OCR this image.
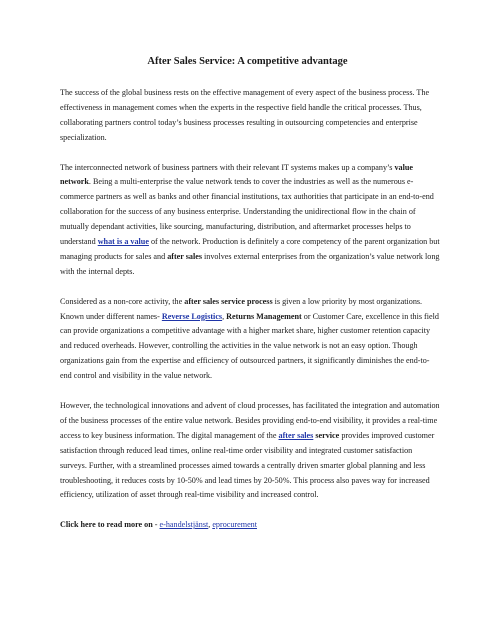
After Sales Service: A competitive advantage

The success of the global business rests on the effective management of every aspect of the business process. The effectiveness in management comes when the experts in the respective field handle the critical processes. Thus, collaborating partners control today’s business processes resulting in outsourcing competencies and enterprise specialization.

The interconnected network of business partners with their relevant IT systems makes up a company’s value network. Being a multi-enterprise the value network tends to cover the industries as well as the numerous e-commerce partners as well as banks and other financial institutions, tax authorities that participate in an end-to-end collaboration for the success of any business enterprise. Understanding the unidirectional flow in the chain of mutually dependant activities, like sourcing, manufacturing, distribution, and aftermarket processes helps to understand what is a value of the network. Production is definitely a core competency of the parent organization but managing products for sales and after sales involves external enterprises from the organization’s value network long with the internal depts.

Considered as a non-core activity, the after sales service process is given a low priority by most organizations. Known under different names- Reverse Logistics, Returns Management or Customer Care, excellence in this field can provide organizations a competitive advantage with a higher market share, higher customer retention capacity and reduced overheads. However, controlling the activities in the value network is not an easy option. Though organizations gain from the expertise and efficiency of outsourced partners, it significantly diminishes the end-to-end control and visibility in the value network.

However, the technological innovations and advent of cloud processes, has facilitated the integration and automation of the business processes of the entire value network. Besides providing end-to-end visibility, it provides a real-time access to key business information. The digital management of the after sales service provides improved customer satisfaction through reduced lead times, online real-time order visibility and integrated customer satisfaction surveys. Further, with a streamlined processes aimed towards a centrally driven smarter global planning and less troubleshooting, it reduces costs by 10-50% and lead times by 20-50%. This process also paves way for increased efficiency, utilization of asset through real-time visibility and increased control.

Click here to read more on - e-handelstjänst, eprocurement
